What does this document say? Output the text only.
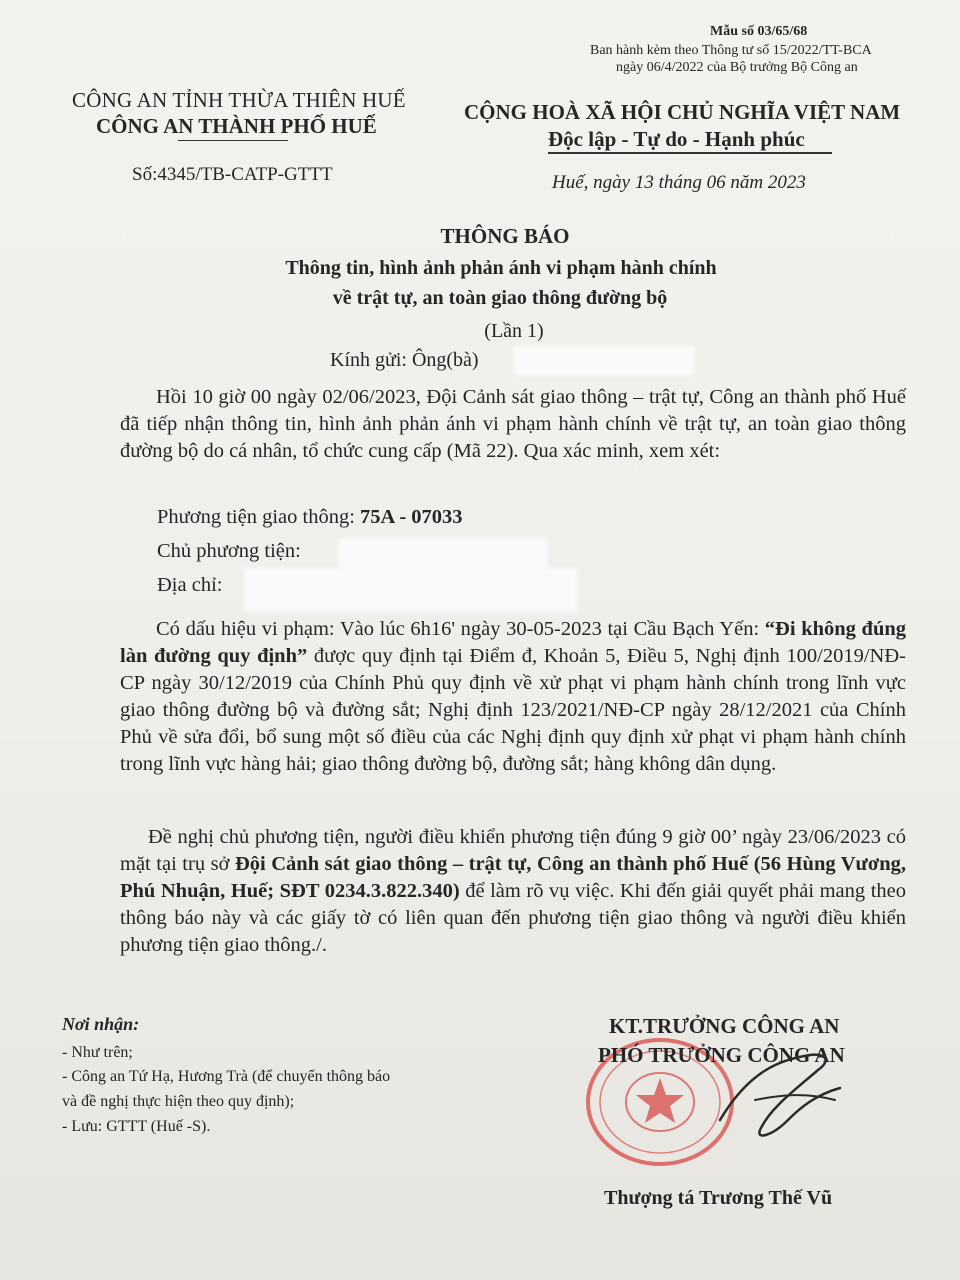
Mẫu số 03/65/68
Ban hành kèm theo Thông tư số 15/2022/TT-BCA
ngày 06/4/2022 của Bộ trưởng Bộ Công an
CÔNG AN TỈNH THỪA THIÊN HUẾ
CÔNG AN THÀNH PHỐ HUẾ
Số:4345/TB-CATP-GTTT
CỘNG HOÀ XÃ HỘI CHỦ NGHĨA VIỆT NAM
Độc lập - Tự do - Hạnh phúc
Huế, ngày 13 tháng 06 năm 2023
THÔNG BÁO
Thông tin, hình ảnh phản ánh vi phạm hành chính
về trật tự, an toàn giao thông đường bộ
(Lần 1)
Kính gửi: Ông(bà)

Hồi 10 giờ 00 ngày 02/06/2023, Đội Cảnh sát giao thông – trật tự, Công an thành phố Huế đã tiếp nhận thông tin, hình ảnh phản ánh vi phạm hành chính về trật tự, an toàn giao thông đường bộ do cá nhân, tổ chức cung cấp (Mã 22). Qua xác minh, xem xét:

Phương tiện giao thông: 75A - 07033
Chủ phương tiện:
Địa chỉ:
Có dấu hiệu vi phạm: Vào lúc 6h16' ngày 30-05-2023 tại Cầu Bạch Yến: “Đi không đúng làn đường quy định” được quy định tại Điểm đ, Khoản 5, Điều 5, Nghị định 100/2019/NĐ-CP ngày 30/12/2019 của Chính Phủ quy định về xử phạt vi phạm hành chính trong lĩnh vực giao thông đường bộ và đường sắt; Nghị định 123/2021/NĐ-CP ngày 28/12/2021 của Chính Phủ về sửa đổi, bổ sung một số điều của các Nghị định quy định xử phạt vi phạm hành chính trong lĩnh vực hàng hải; giao thông đường bộ, đường sắt; hàng không dân dụng.
Đề nghị chủ phương tiện, người điều khiển phương tiện đúng 9 giờ 00’ ngày 23/06/2023 có mặt tại trụ sở Đội Cảnh sát giao thông – trật tự, Công an thành phố Huế (56 Hùng Vương, Phú Nhuận, Huế; SĐT 0234.3.822.340) để làm rõ vụ việc. Khi đến giải quyết phải mang theo thông báo này và các giấy tờ có liên quan đến phương tiện giao thông và người điều khiển phương tiện giao thông./.
Nơi nhận:
- Như trên;
- Công an Tứ Hạ, Hương Trà (để chuyển thông báo
và đề nghị thực hiện theo quy định);
- Lưu: GTTT (Huế -S).
KT.TRƯỞNG CÔNG AN
PHÓ TRƯỞNG CÔNG AN
Thượng tá Trương Thế Vũ
